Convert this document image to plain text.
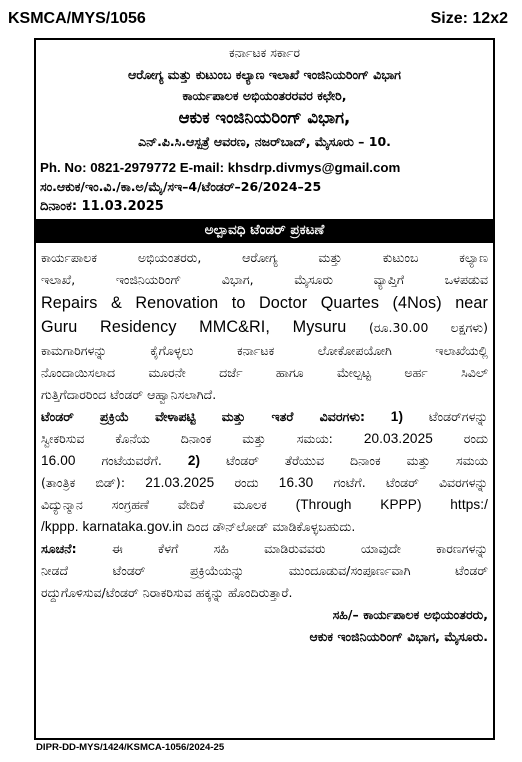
KSMCA/MYS/1056	Size: 12x2
ಕರ್ನಾಟಕ ಸರ್ಕಾರ
ಆರೋಗ್ಯ ಮತ್ತು ಕುಟುಂಬ ಕಲ್ಯಾಣ ಇಲಾಖೆ ಇಂಜಿನಿಯರಿಂಗ್ ವಿಭಾಗ
ಕಾರ್ಯಪಾಲಕ ಅಭಿಯಂತರರವರ ಕಛೇರಿ,
ಆಕುಕ ಇಂಜಿನಿಯರಿಂಗ್ ವಿಭಾಗ,
ಎನ್.ಪಿ.ಸಿ.ಆಸ್ಪತ್ರೆ ಆವರಣ, ನಜರ್‌ಬಾದ್, ಮೈಸೂರು – 10.
Ph. No: 0821-2979772 E-mail: khsdrp.divmys@gmail.com
ಸಂ.ಆಕುಕ/ಇಂ.ವಿ./ಕಾ.ಅ/ಮೈ/ಸಇ–4/ಟೆಂಡರ್–26/2024–25
ದಿನಾಂಕ: 11.03.2025
ಅಲ್ಪಾವಧಿ ಟೆಂಡರ್ ಪ್ರಕಟಣೆ
ಕಾರ್ಯಪಾಲಕ ಅಭಿಯಂತರರು, ಆರೋಗ್ಯ ಮತ್ತು ಕುಟುಂಬ ಕಲ್ಯಾಣ
ಇಲಾಖೆ, ಇಂಜಿನಿಯರಿಂಗ್ ವಿಭಾಗ, ಮೈಸೂರು ವ್ಯಾಪ್ತಿಗೆ ಒಳಪಡುವ
Repairs & Renovation to Doctor Quartes (4Nos) near
Guru Residency MMC&RI, Mysuru (ರೂ.30.00 ಲಕ್ಷಗಳು)
ಕಾಮಗಾರಿಗಳನ್ನು ಕೈಗೊಳ್ಳಲು ಕರ್ನಾಟಕ ಲೋಕೋಪಯೋಗಿ ಇಲಾಖೆಯಲ್ಲಿ
ನೊಂದಾಯಿಸಲಾದ ಮೂರನೇ ದರ್ಜೆ ಹಾಗೂ ಮೇಲ್ಪಟ್ಟ ಅರ್ಹ ಸಿವಿಲ್
ಗುತ್ತಿಗೆದಾರರಿಂದ ಟೆಂಡರ್ ಆಹ್ವಾನಿಸಲಾಗಿದೆ.
ಟೆಂಡರ್ ಪ್ರಕ್ರಿಯೆ ವೇಳಾಪಟ್ಟಿ ಮತ್ತು ಇತರೆ ವಿವರಗಳು: 1) ಟೆಂಡರ್‌ಗಳನ್ನು
ಸ್ವೀಕರಿಸುವ ಕೊನೆಯ ದಿನಾಂಕ ಮತ್ತು ಸಮಯ: 20.03.2025 ರಂದು
16.00 ಗಂಟೆಯವರೆಗೆ. 2) ಟೆಂಡರ್ ತೆರೆಯುವ ದಿನಾಂಕ ಮತ್ತು ಸಮಯ
(ತಾಂತ್ರಿಕ ಬಿಡ್): 21.03.2025 ರಂದು 16.30 ಗಂಟೆಗೆ. ಟೆಂಡರ್ ವಿವರಗಳನ್ನು
ವಿದ್ಯುನ್ಮಾನ ಸಂಗ್ರಹಣೆ ವೇದಿಕೆ ಮೂಲಕ (Through KPPP) https:/
/kppp. karnataka.gov.in ದಿಂದ ಡೌನ್‌ಲೋಡ್ ಮಾಡಿಕೊಳ್ಳಬಹುದು.
ಸೂಚನೆ: ಈ ಕೆಳಗೆ ಸಹಿ ಮಾಡಿರುವವರು ಯಾವುದೇ ಕಾರಣಗಳನ್ನು
ನೀಡದೆ ಟೆಂಡರ್ ಪ್ರಕ್ರಿಯೆಯನ್ನು ಮುಂದೂಡುವ/ಸಂಪೂರ್ಣವಾಗಿ ಟೆಂಡರ್
ರದ್ದುಗೊಳಿಸುವ/ಟೆಂಡರ್ ನಿರಾಕರಿಸುವ ಹಕ್ಕನ್ನು ಹೊಂದಿರುತ್ತಾರೆ.
ಸಹಿ/– ಕಾರ್ಯಪಾಲಕ ಅಭಿಯಂತರರು,
ಆಕುಕ ಇಂಜಿನಿಯರಿಂಗ್ ವಿಭಾಗ, ಮೈಸೂರು.
DIPR-DD-MYS/1424/KSMCA-1056/2024-25
